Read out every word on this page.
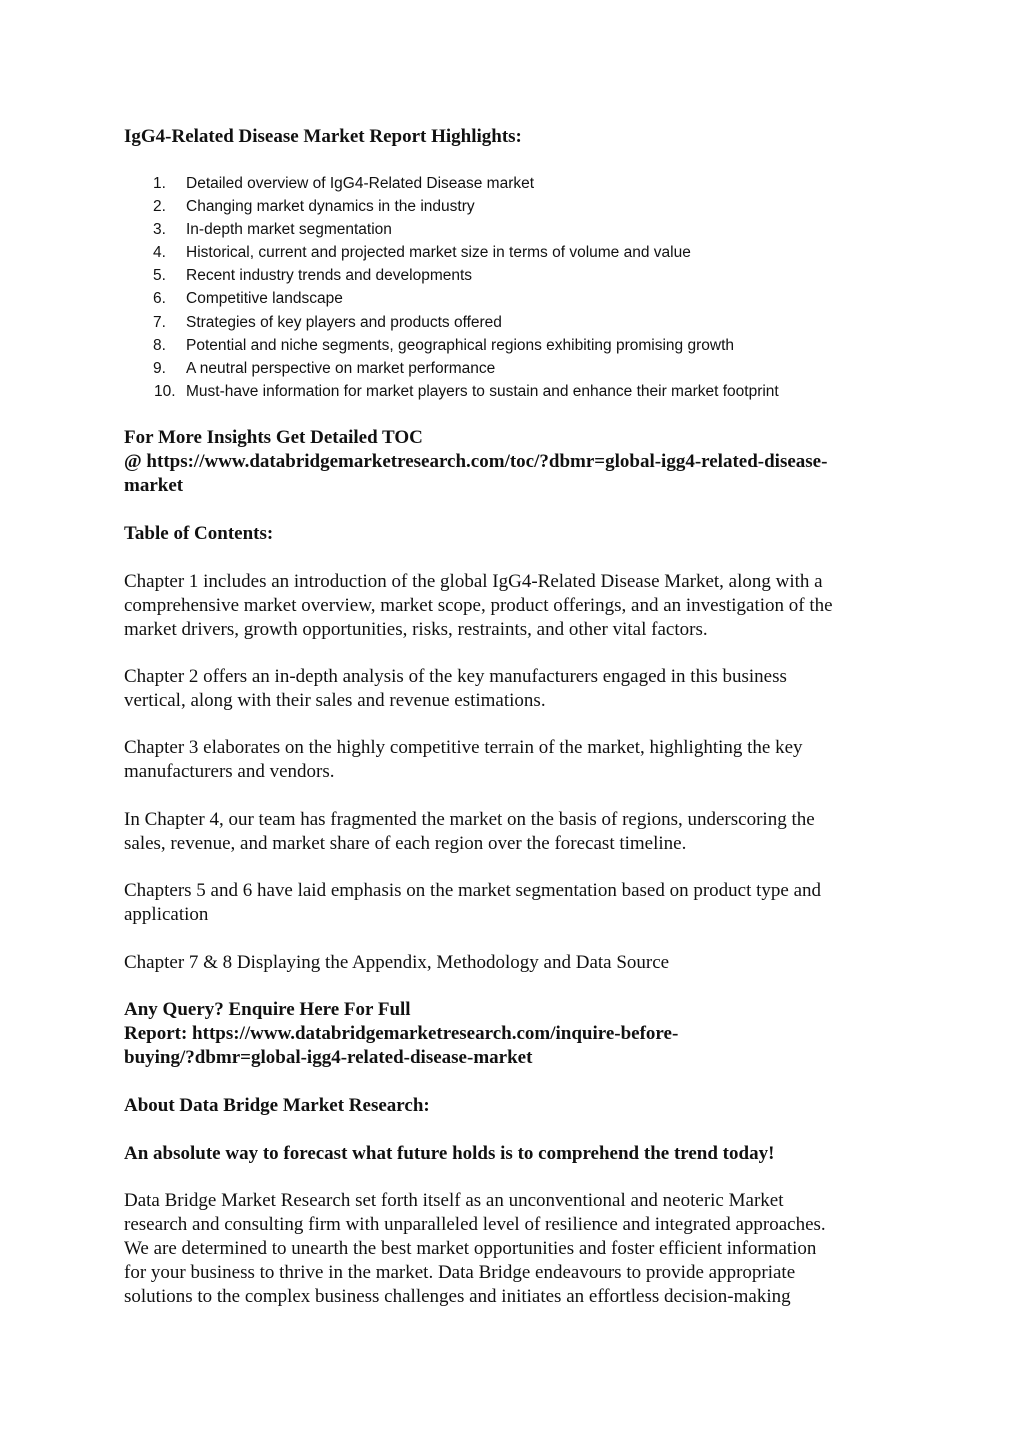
IgG4-Related Disease Market Report Highlights:
1.	Detailed overview of IgG4-Related Disease market
2.	Changing market dynamics in the industry
3.	In-depth market segmentation
4.	Historical, current and projected market size in terms of volume and value
5.	Recent industry trends and developments
6.	Competitive landscape
7.	Strategies of key players and products offered
8.	Potential and niche segments, geographical regions exhibiting promising growth
9.	A neutral perspective on market performance
10. Must-have information for market players to sustain and enhance their market footprint
For More Insights Get Detailed TOC
@ https://www.databridgemarketresearch.com/toc/?dbmr=global-igg4-related-disease-
market
Table of Contents:
Chapter 1 includes an introduction of the global IgG4-Related Disease Market, along with a
comprehensive market overview, market scope, product offerings, and an investigation of the
market drivers, growth opportunities, risks, restraints, and other vital factors.
Chapter 2 offers an in-depth analysis of the key manufacturers engaged in this business
vertical, along with their sales and revenue estimations.
Chapter 3 elaborates on the highly competitive terrain of the market, highlighting the key
manufacturers and vendors.
In Chapter 4, our team has fragmented the market on the basis of regions, underscoring the
sales, revenue, and market share of each region over the forecast timeline.
Chapters 5 and 6 have laid emphasis on the market segmentation based on product type and
application
Chapter 7 & 8 Displaying the Appendix, Methodology and Data Source
Any Query? Enquire Here For Full
Report: https://www.databridgemarketresearch.com/inquire-before-
buying/?dbmr=global-igg4-related-disease-market
About Data Bridge Market Research:
An absolute way to forecast what future holds is to comprehend the trend today!
Data Bridge Market Research set forth itself as an unconventional and neoteric Market
research and consulting firm with unparalleled level of resilience and integrated approaches.
We are determined to unearth the best market opportunities and foster efficient information
for your business to thrive in the market. Data Bridge endeavours to provide appropriate
solutions to the complex business challenges and initiates an effortless decision-making
